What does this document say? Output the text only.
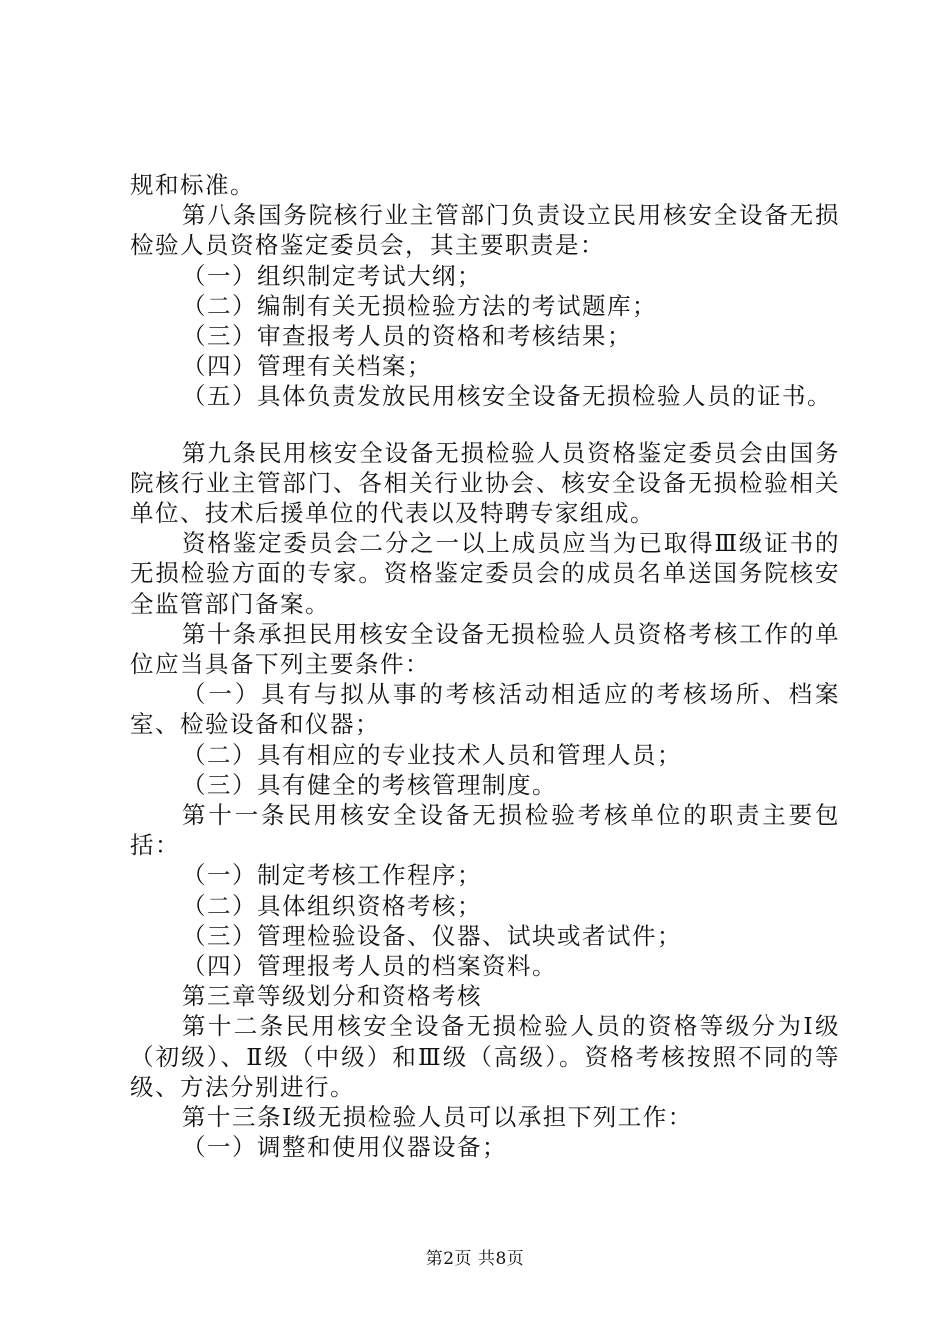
规和标准。

第八条国务院核行业主管部门负责设立民用核安全设备无损检验人员资格鉴定委员会，其主要职责是：

（一）组织制定考试大纲；

（二）编制有关无损检验方法的考试题库；

（三）审查报考人员的资格和考核结果；

（四）管理有关档案；

（五）具体负责发放民用核安全设备无损检验人员的证书。

第九条民用核安全设备无损检验人员资格鉴定委员会由国务院核行业主管部门、各相关行业协会、核安全设备无损检验相关单位、技术后援单位的代表以及特聘专家组成。

资格鉴定委员会二分之一以上成员应当为已取得Ⅲ级证书的无损检验方面的专家。资格鉴定委员会的成员名单送国务院核安全监管部门备案。

第十条承担民用核安全设备无损检验人员资格考核工作的单位应当具备下列主要条件：

（一）具有与拟从事的考核活动相适应的考核场所、档案室、检验设备和仪器；

（二）具有相应的专业技术人员和管理人员；

（三）具有健全的考核管理制度。

第十一条民用核安全设备无损检验考核单位的职责主要包括：

（一）制定考核工作程序；

（二）具体组织资格考核；

（三）管理检验设备、仪器、试块或者试件；

（四）管理报考人员的档案资料。

第三章等级划分和资格考核

第十二条民用核安全设备无损检验人员的资格等级分为Ⅰ级（初级）、Ⅱ级（中级）和Ⅲ级（高级）。资格考核按照不同的等级、方法分别进行。

第十三条Ⅰ级无损检验人员可以承担下列工作：

（一）调整和使用仪器设备；

第2页 共8页
